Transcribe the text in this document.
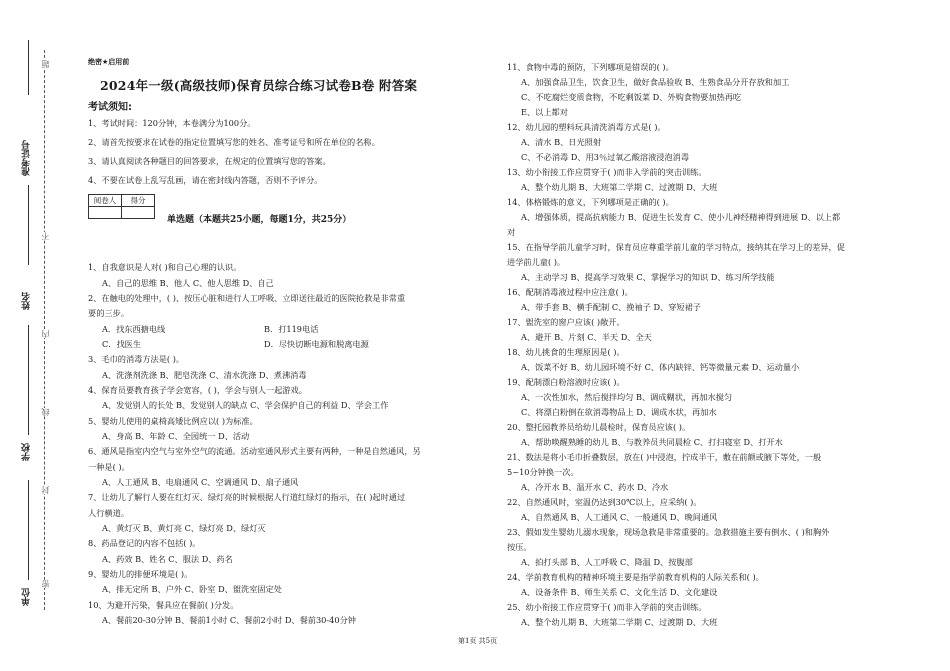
准考证号
姓名
学校
单位
题
不
内
线
封
密
绝密★启用前
2024年一级(高级技师)保育员综合练习试卷B卷 附答案
考试须知:
1、考试时间：120分钟，本卷满分为100分。
2、请首先按要求在试卷的指定位置填写您的姓名、准考证号和所在单位的名称。
3、请认真阅读各种题目的回答要求，在规定的位置填写您的答案。
4、不要在试卷上乱写乱画，请在密封线内答题，否则不予评分。
阅卷人	得分

单选题（本题共25小题，每题1分，共25分）
1、自我意识是人对( )和自己心理的认识。
A、自己的思维 B、他人 C、他人思维 D、自己
2、在触电的处理中，( )、按压心脏和进行人工呼吸、立即送往最近的医院抢救是非常重
要的三步。
A．找东西搪电线	B．打119电话
C．找医生	D．尽快切断电源和脱离电源
3、毛巾的消毒方法是( )。
A、洗涤剂洗涤 B、肥皂洗涤 C、清水洗涤 D、煮沸消毒
4、保育员要教育孩子学会宽容，( )，学会与别人一起游戏。
A、发觉别人的长处 B、发觉别人的缺点 C、学会保护自己的利益 D、学会工作
5、婴幼儿使用的桌椅高矮比例应以( )为标准。
A、身高 B、年龄 C、全园统一 D、活动
6、通风是指室内空气与室外空气的流通。活动室通风形式主要有两种，一种是自然通风，另
一种是( )。
A、人工通风 B、电扇通风 C、空调通风 D、扇子通风
7、让幼儿了解行人要在红灯灭、绿灯亮的时候根据人行道红绿灯的指示，在( )起时通过
人行横道。
A、黄灯灭 B、黄灯亮 C、绿灯亮 D、绿灯灭
8、药品登记的内容不包括( )。
A、药效 B、姓名 C、服法 D、药名
9、婴幼儿的排便环境是( )。
A、排无定所 B、户外 C、卧室 D、盥洗室固定处
10、为避开污染，餐具应在餐前( )分发。
A、餐前20-30分钟 B、餐前1小时 C、餐前2小时 D、餐前30-40分钟
11、食物中毒的预防，下列哪项是错误的( )。
A、加强食品卫生，饮食卫生，做好食品验收 B、生熟食品分开存放和加工
C、不吃腐烂变质食物，不吃剩饭菜 D、外购食物要加热再吃
E、以上都对
12、幼儿园的塑料玩具清洗消毒方式是( )。
A、清水 B、日光照射
C、不必消毒 D、用3％过氧乙酸溶液浸泡消毒
13、幼小衔接工作应贯穿于( )而非入学前的突击训练。
A、整个幼儿期 B、大班第二学期 C、过渡期 D、大班
14、体格锻炼的意义，下列哪项是正确的( )。
A、增强体质，提高抗病能力 B、促进生长发育 C、使小儿神经精神得到进展 D、以上都
对
15、在指导学前儿童学习时，保育员应尊重学前儿童的学习特点，接纳其在学习上的差异，促
进学前儿童( )。
A、主动学习 B、提高学习效果 C、掌握学习的知识 D、练习所学技能
16、配制消毒液过程中应注意( )。
A、带手套 B、横手配制 C、挽袖子 D、穿短裙子
17、盥洗室的窗户应该( )敞开。
A、避开 B、片刻 C、半天 D、全天
18、幼儿挑食的生理原因是( )。
A、饭菜不好 B、幼儿园环境不好 C、体内缺锌、钙等微量元素 D、运动量小
19、配制漂白粉溶液时应该( )。
A、一次性加水，然后搅拌均匀 B、调成糊状，再加水搅匀
C、将漂白粉倒在欲消毒物品上 D、调成水状，再加水
20、整托园教养员给幼儿晨检时，保育员应该( )。
A、帮助唤醒熟睡的幼儿 B、与教养员共同晨检 C、打扫寝室 D、打开水
21、数法是将小毛巾折叠数层，放在( )中浸泡，拧成半干，敷在前额或腋下等处，一般
5~10分钟换一次。
A、冷开水 B、温开水 C、药水 D、冷水
22、自然通风时，室温仍达到30℃以上，应采纳( )。
A、自然通风 B、人工通风 C、一般通风 D、晚间通风
23、假如发生婴幼儿溺水现象，现场急救是非常重要的。急救措施主要有倒水、( )和胸外
按压。
A、拍打头部 B、人工呼吸 C、降温 D、按腹部
24、学前教育机构的精神环境主要是指学前教育机构的人际关系和( )。
A、设备条件 B、师生关系 C、文化生活 D、文化建设
25、幼小衔接工作应贯穿于( )而非入学前的突击训练。
A、整个幼儿期 B、大班第二学期 C、过渡期 D、大班
第1页 共5页
